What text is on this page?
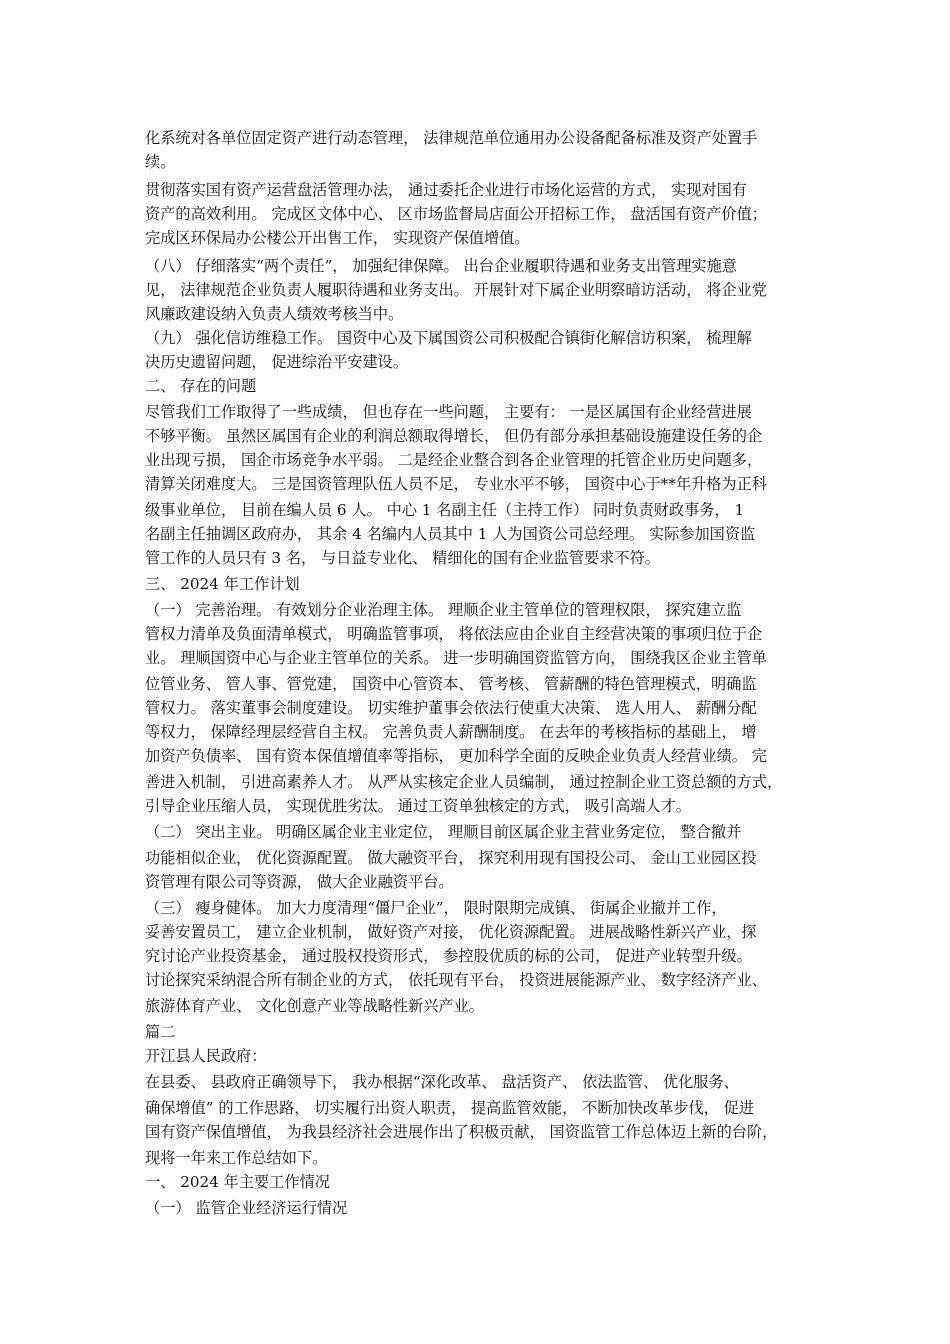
化系统对各单位固定资产进行动态管理， 法律规范单位通用办公设备配备标准及资产处置手
续。
贯彻落实国有资产运营盘活管理办法， 通过委托企业进行市场化运营的方式， 实现对国有
资产的高效利用。 完成区文体中心、 区市场监督局店面公开招标工作， 盘活国有资产价值；
完成区环保局办公楼公开出售工作， 实现资产保值增值。
（八） 仔细落实“两个责任”， 加强纪律保障。 出台企业履职待遇和业务支出管理实施意
见， 法律规范企业负责人履职待遇和业务支出。 开展针对下属企业明察暗访活动， 将企业党
风廉政建设纳入负责人绩效考核当中。
（九） 强化信访维稳工作。 国资中心及下属国资公司积极配合镇街化解信访积案， 梳理解
决历史遗留问题， 促进综治平安建设。
二、 存在的问题
尽管我们工作取得了一些成绩， 但也存在一些问题， 主要有： 一是区属国有企业经营进展
不够平衡。 虽然区属国有企业的利润总额取得增长， 但仍有部分承担基础设施建设任务的企
业出现亏损， 国企市场竞争水平弱。 二是经企业整合到各企业管理的托管企业历史问题多，
清算关闭难度大。 三是国资管理队伍人员不足， 专业水平不够， 国资中心于**年升格为正科
级事业单位， 目前在编人员 6 人。 中心 1 名副主任（主持工作） 同时负责财政事务， 1
名副主任抽调区政府办， 其余 4 名编内人员其中 1 人为国资公司总经理。 实际参加国资监
管工作的人员只有 3 名， 与日益专业化、 精细化的国有企业监管要求不符。
三、 2024 年工作计划
（一） 完善治理。 有效划分企业治理主体。 理顺企业主管单位的管理权限， 探究建立监
管权力清单及负面清单模式， 明确监管事项， 将依法应由企业自主经营决策的事项归位于企
业。 理顺国资中心与企业主管单位的关系。 进一步明确国资监管方向， 围绕我区企业主管单
位管业务、 管人事、管党建， 国资中心管资本、 管考核、 管薪酬的特色管理模式，明确监
管权力。 落实董事会制度建设。 切实维护董事会依法行使重大决策、 选人用人、 薪酬分配
等权力， 保障经理层经营自主权。 完善负责人薪酬制度。 在去年的考核指标的基础上， 增
加资产负债率、 国有资本保值增值率等指标， 更加科学全面的反映企业负责人经营业绩。 完
善进入机制， 引进高素养人才。 从严从实核定企业人员编制， 通过控制企业工资总额的方式，
引导企业压缩人员， 实现优胜劣汰。 通过工资单独核定的方式， 吸引高端人才。
（二） 突出主业。 明确区属企业主业定位， 理顺目前区属企业主营业务定位， 整合撤并
功能相似企业， 优化资源配置。 做大融资平台， 探究利用现有国投公司、 金山工业园区投
资管理有限公司等资源， 做大企业融资平台。
（三） 瘦身健体。 加大力度清理“僵尸企业”， 限时限期完成镇、 街属企业撤并工作，
妥善安置员工， 建立企业机制， 做好资产对接， 优化资源配置。 进展战略性新兴产业，探
究讨论产业投资基金， 通过股权投资形式， 参控股优质的标的公司， 促进产业转型升级。
讨论探究采纳混合所有制企业的方式， 依托现有平台， 投资进展能源产业、 数字经济产业、
旅游体育产业、 文化创意产业等战略性新兴产业。
篇二
开江县人民政府：
在县委、 县政府正确领导下， 我办根据“深化改革、 盘活资产、 依法监管、 优化服务、
确保增值” 的工作思路， 切实履行出资人职责， 提高监管效能， 不断加快改革步伐， 促进
国有资产保值增值， 为我县经济社会进展作出了积极贡献， 国资监管工作总体迈上新的台阶，
现将一年来工作总结如下。
一、 2024 年主要工作情况
（一） 监管企业经济运行情况
